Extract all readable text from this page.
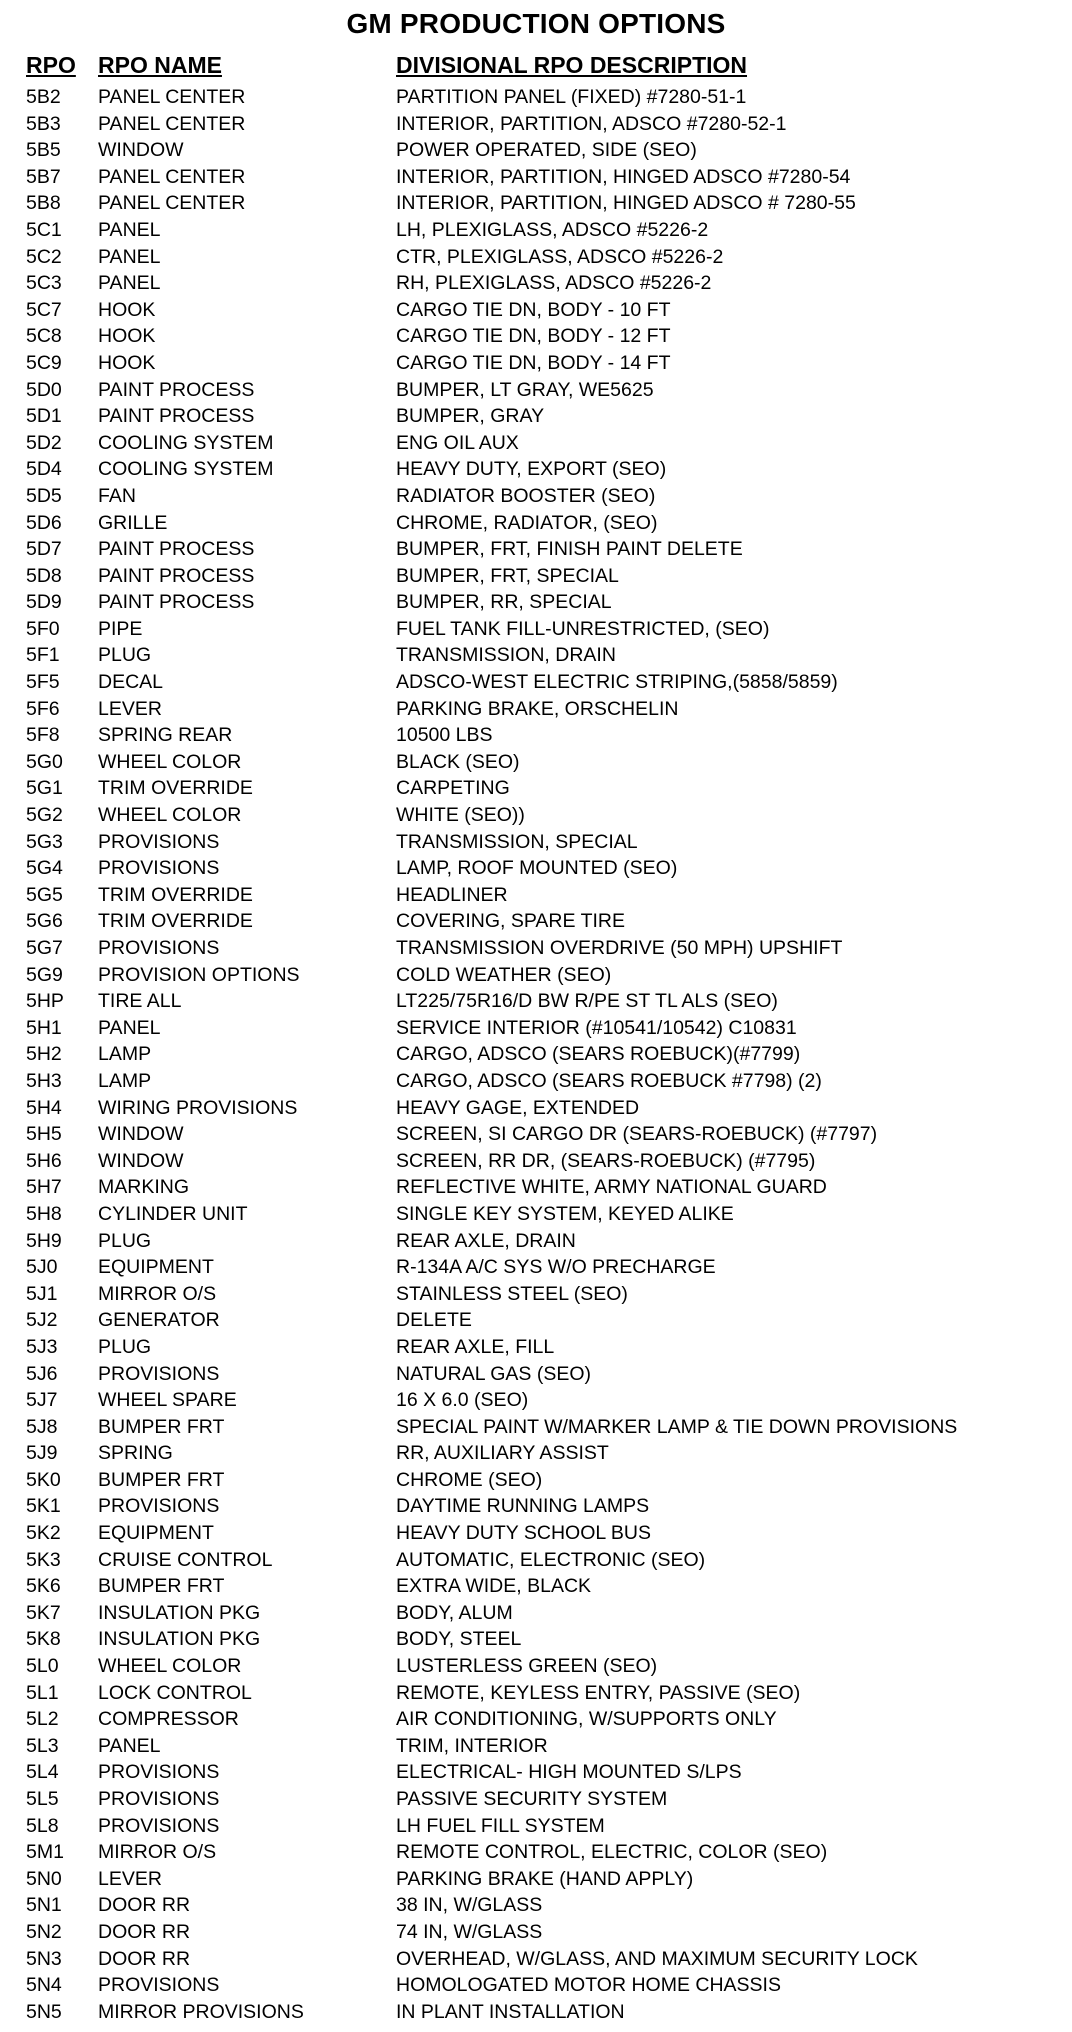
GM PRODUCTION OPTIONS
RPO RPO NAME	DIVISIONAL RPO DESCRIPTION
5B2 PANEL CENTER	PARTITION PANEL (FIXED) #7280-51-1
5B3 PANEL CENTER	INTERIOR, PARTITION, ADSCO #7280-52-1
5B5 WINDOW	POWER OPERATED, SIDE (SEO)
5B7 PANEL CENTER	INTERIOR, PARTITION, HINGED ADSCO #7280-54
5B8 PANEL CENTER	INTERIOR, PARTITION, HINGED ADSCO # 7280-55
5C1 PANEL	LH, PLEXIGLASS, ADSCO #5226-2
5C2 PANEL	CTR, PLEXIGLASS, ADSCO #5226-2
5C3 PANEL	RH, PLEXIGLASS, ADSCO #5226-2
5C7 HOOK	CARGO TIE DN, BODY - 10 FT
5C8 HOOK	CARGO TIE DN, BODY - 12 FT
5C9 HOOK	CARGO TIE DN, BODY - 14 FT
5D0 PAINT PROCESS	BUMPER, LT GRAY, WE5625
5D1 PAINT PROCESS	BUMPER, GRAY
5D2 COOLING SYSTEM	ENG OIL AUX
5D4 COOLING SYSTEM	HEAVY DUTY, EXPORT (SEO)
5D5 FAN	RADIATOR BOOSTER (SEO)
5D6 GRILLE	CHROME, RADIATOR, (SEO)
5D7 PAINT PROCESS	BUMPER, FRT, FINISH PAINT DELETE
5D8 PAINT PROCESS	BUMPER, FRT, SPECIAL
5D9 PAINT PROCESS	BUMPER, RR, SPECIAL
5F0 PIPE	FUEL TANK FILL-UNRESTRICTED, (SEO)
5F1 PLUG	TRANSMISSION, DRAIN
5F5 DECAL	ADSCO-WEST ELECTRIC STRIPING,(5858/5859)
5F6 LEVER	PARKING BRAKE, ORSCHELIN
5F8 SPRING REAR	10500 LBS
5G0 WHEEL COLOR	BLACK (SEO)
5G1 TRIM OVERRIDE	CARPETING
5G2 WHEEL COLOR	WHITE (SEO))
5G3 PROVISIONS	TRANSMISSION, SPECIAL
5G4 PROVISIONS	LAMP, ROOF MOUNTED (SEO)
5G5 TRIM OVERRIDE	HEADLINER
5G6 TRIM OVERRIDE	COVERING, SPARE TIRE
5G7 PROVISIONS	TRANSMISSION OVERDRIVE (50 MPH) UPSHIFT
5G9 PROVISION OPTIONS	COLD WEATHER (SEO)
5HP TIRE ALL	LT225/75R16/D BW R/PE ST TL ALS (SEO)
5H1 PANEL	SERVICE INTERIOR (#10541/10542) C10831
5H2 LAMP	CARGO, ADSCO (SEARS ROEBUCK)(#7799)
5H3 LAMP	CARGO, ADSCO (SEARS ROEBUCK #7798) (2)
5H4 WIRING PROVISIONS	HEAVY GAGE, EXTENDED
5H5 WINDOW	SCREEN, SI CARGO DR (SEARS-ROEBUCK) (#7797)
5H6 WINDOW	SCREEN, RR DR, (SEARS-ROEBUCK) (#7795)
5H7 MARKING	REFLECTIVE WHITE, ARMY NATIONAL GUARD
5H8 CYLINDER UNIT	SINGLE KEY SYSTEM, KEYED ALIKE
5H9 PLUG	REAR AXLE, DRAIN
5J0 EQUIPMENT	R-134A A/C SYS W/O PRECHARGE
5J1 MIRROR O/S	STAINLESS STEEL (SEO)
5J2 GENERATOR	DELETE
5J3 PLUG	REAR AXLE, FILL
5J6 PROVISIONS	NATURAL GAS (SEO)
5J7 WHEEL SPARE	16 X 6.0 (SEO)
5J8 BUMPER FRT	SPECIAL PAINT W/MARKER LAMP & TIE DOWN PROVISIONS
5J9 SPRING	RR, AUXILIARY ASSIST
5K0 BUMPER FRT	CHROME (SEO)
5K1 PROVISIONS	DAYTIME RUNNING LAMPS
5K2 EQUIPMENT	HEAVY DUTY SCHOOL BUS
5K3 CRUISE CONTROL	AUTOMATIC, ELECTRONIC (SEO)
5K6 BUMPER FRT	EXTRA WIDE, BLACK
5K7 INSULATION PKG	BODY, ALUM
5K8 INSULATION PKG	BODY, STEEL
5L0 WHEEL COLOR	LUSTERLESS GREEN (SEO)
5L1 LOCK CONTROL	REMOTE, KEYLESS ENTRY, PASSIVE (SEO)
5L2 COMPRESSOR	AIR CONDITIONING, W/SUPPORTS ONLY
5L3 PANEL	TRIM, INTERIOR
5L4 PROVISIONS	ELECTRICAL- HIGH MOUNTED S/LPS
5L5 PROVISIONS	PASSIVE SECURITY SYSTEM
5L8 PROVISIONS	LH FUEL FILL SYSTEM
5M1 MIRROR O/S	REMOTE CONTROL, ELECTRIC, COLOR (SEO)
5N0 LEVER	PARKING BRAKE (HAND APPLY)
5N1 DOOR RR	38 IN, W/GLASS
5N2 DOOR RR	74 IN, W/GLASS
5N3 DOOR RR	OVERHEAD, W/GLASS, AND MAXIMUM SECURITY LOCK
5N4 PROVISIONS	HOMOLOGATED MOTOR HOME CHASSIS
5N5 MIRROR PROVISIONS	IN PLANT INSTALLATION
